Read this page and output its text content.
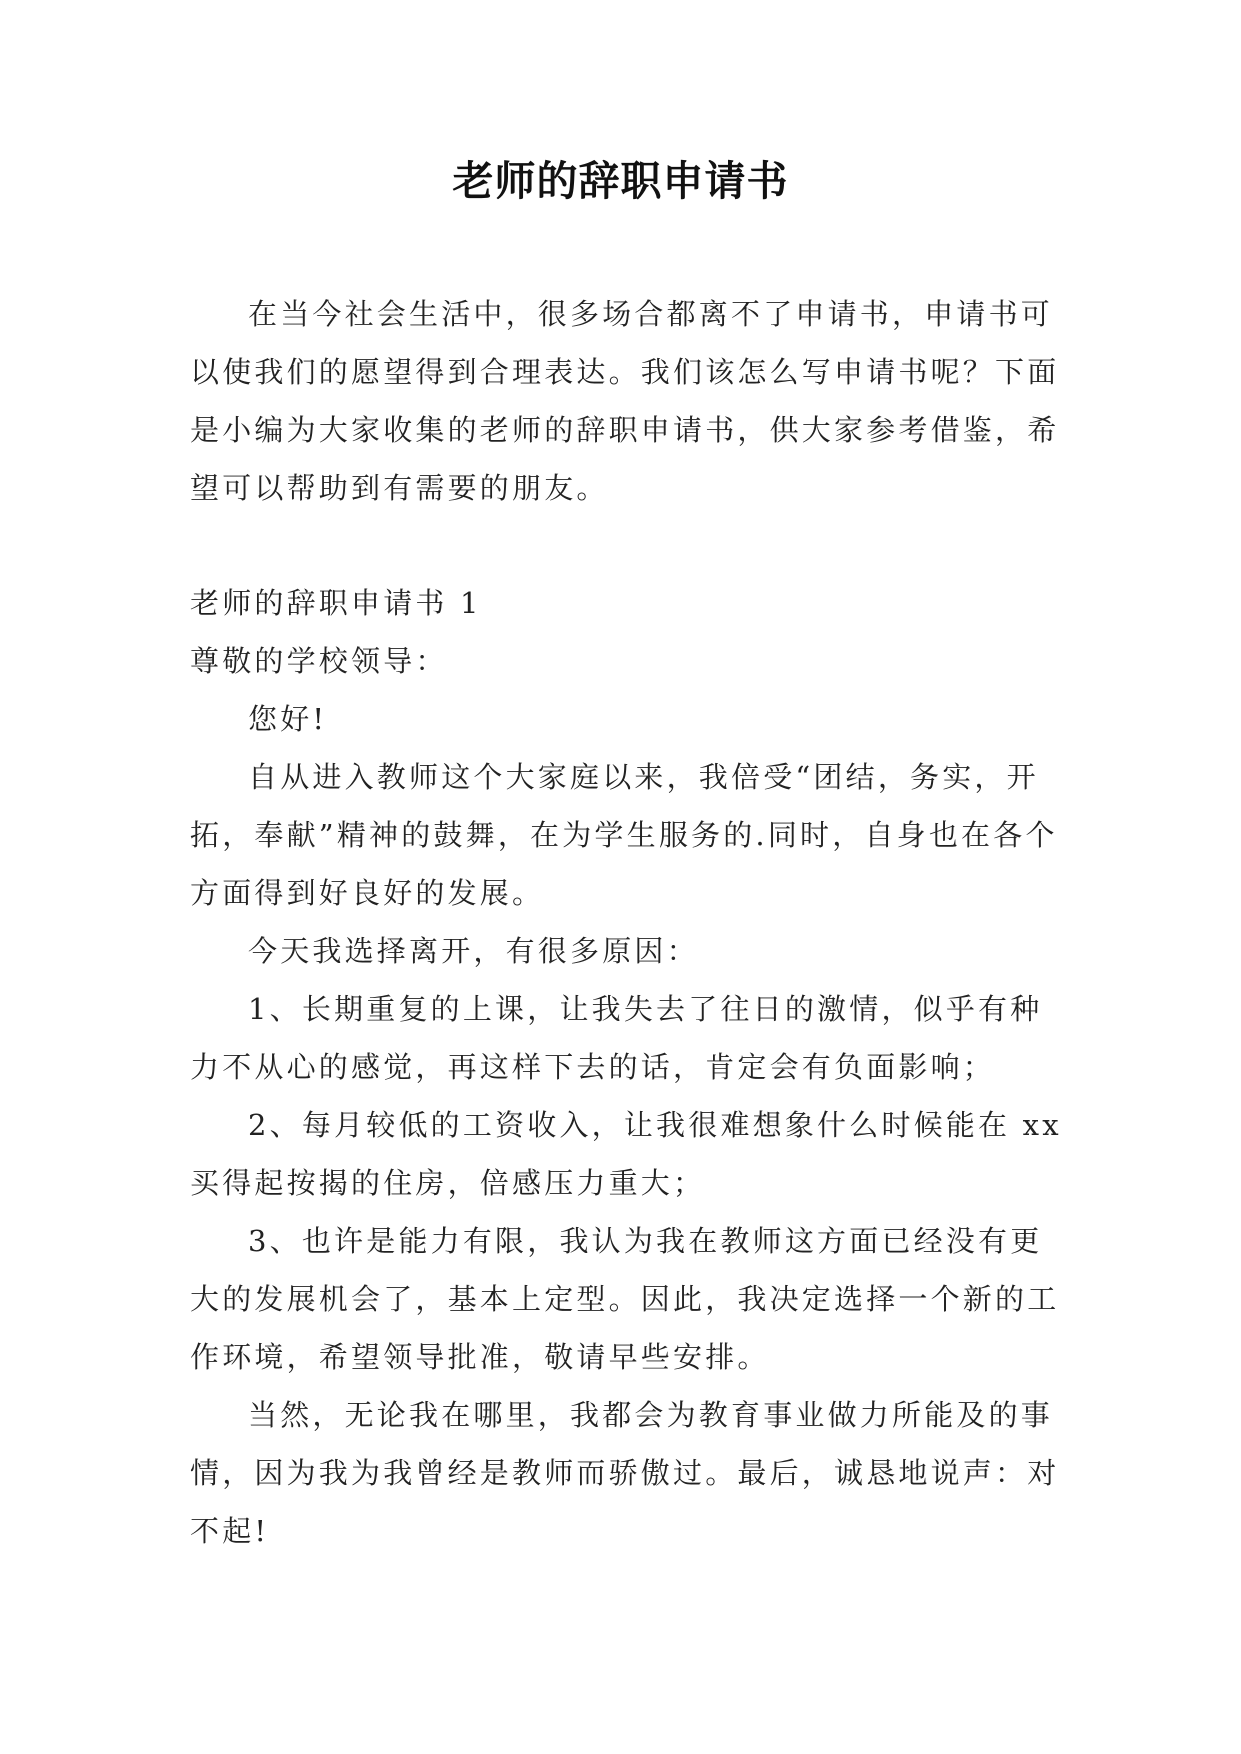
老师的辞职申请书

在当今社会生活中，很多场合都离不了申请书，申请书可以使我们的愿望得到合理表达。我们该怎么写申请书呢？下面是小编为大家收集的老师的辞职申请书，供大家参考借鉴，希望可以帮助到有需要的朋友。

老师的辞职申请书 1

尊敬的学校领导：

您好!

自从进入教师这个大家庭以来，我倍受“团结，务实，开拓，奉献”精神的鼓舞，在为学生服务的.同时，自身也在各个方面得到好良好的发展。

今天我选择离开，有很多原因：

1、长期重复的上课，让我失去了往日的激情，似乎有种力不从心的感觉，再这样下去的话，肯定会有负面影响；

2、每月较低的工资收入，让我很难想象什么时候能在 xx 买得起按揭的住房，倍感压力重大；

3、也许是能力有限，我认为我在教师这方面已经没有更大的发展机会了，基本上定型。因此，我决定选择一个新的工作环境，希望领导批准，敬请早些安排。

当然，无论我在哪里，我都会为教育事业做力所能及的事情，因为我为我曾经是教师而骄傲过。最后，诚恳地说声：对不起!
